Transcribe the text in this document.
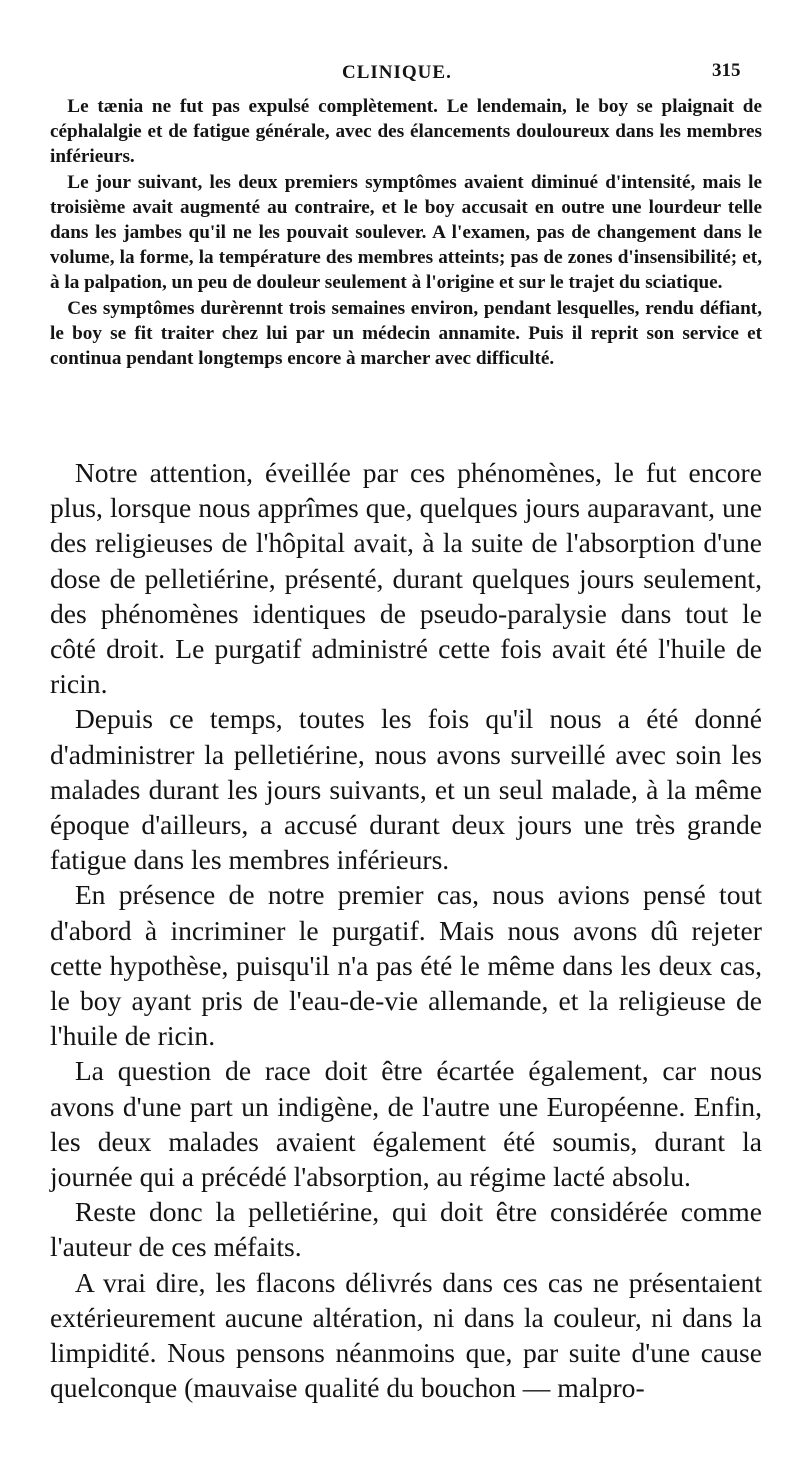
CLINIQUE.	315

Le tænia ne fut pas expulsé complètement. Le lendemain, le boy se plaignait de céphalalgie et de fatigue générale, avec des élancements douloureux dans les membres inférieurs.

Le jour suivant, les deux premiers symptômes avaient diminué d'intensité, mais le troisième avait augmenté au contraire, et le boy accusait en outre une lourdeur telle dans les jambes qu'il ne les pouvait soulever. A l'examen, pas de changement dans le volume, la forme, la température des membres atteints; pas de zones d'insensibilité; et, à la palpation, un peu de douleur seulement à l'origine et sur le trajet du sciatique.

Ces symptômes durèrennt trois semaines environ, pendant lesquelles, rendu défiant, le boy se fit traiter chez lui par un médecin annamite. Puis il reprit son service et continua pendant longtemps encore à marcher avec difficulté.

Notre attention, éveillée par ces phénomènes, le fut encore plus, lorsque nous apprîmes que, quelques jours auparavant, une des religieuses de l'hôpital avait, à la suite de l'absorption d'une dose de pelletiérine, présenté, durant quelques jours seulement, des phénomènes identiques de pseudo-paralysie dans tout le côté droit. Le purgatif administré cette fois avait été l'huile de ricin.

Depuis ce temps, toutes les fois qu'il nous a été donné d'administrer la pelletiérine, nous avons surveillé avec soin les malades durant les jours suivants, et un seul malade, à la même époque d'ailleurs, a accusé durant deux jours une très grande fatigue dans les membres inférieurs.

En présence de notre premier cas, nous avions pensé tout d'abord à incriminer le purgatif. Mais nous avons dû rejeter cette hypothèse, puisqu'il n'a pas été le même dans les deux cas, le boy ayant pris de l'eau-de-vie allemande, et la religieuse de l'huile de ricin.

La question de race doit être écartée également, car nous avons d'une part un indigène, de l'autre une Européenne. Enfin, les deux malades avaient également été soumis, durant la journée qui a précédé l'absorption, au régime lacté absolu.

Reste donc la pelletiérine, qui doit être considérée comme l'auteur de ces méfaits.

A vrai dire, les flacons délivrés dans ces cas ne présentaient extérieurement aucune altération, ni dans la couleur, ni dans la limpidité. Nous pensons néanmoins que, par suite d'une cause quelconque (mauvaise qualité du bouchon — malpro-
